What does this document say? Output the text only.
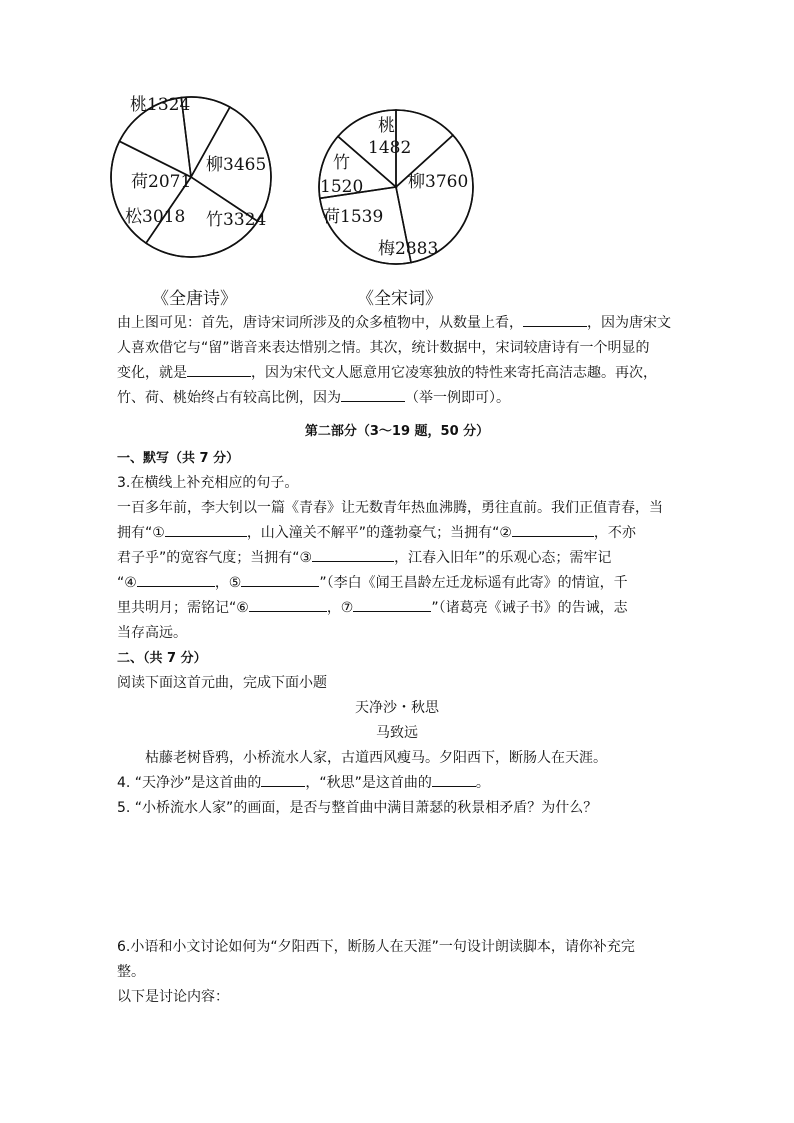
桃1324
柳3465
竹3324
松3018
荷2071
桃 1482
柳3760
梅2883
荷1539
竹 1520
《全唐诗》	《全宋词》
由上图可见：首先，唐诗宋词所涉及的众多植物中，从数量上看，	，因为唐宋文
人喜欢借它与“留”谐音来表达惜别之情。其次，统计数据中，宋词较唐诗有一个明显的
变化，就是	，因为宋代文人愿意用它凌寒独放的特性来寄托高洁志趣。再次，
竹、荷、桃始终占有较高比例，因为	（举一例即可）。
第二部分（3～19 题，50 分）
一、默写（共 7 分）
3.在横线上补充相应的句子。
一百多年前，李大钊以一篇《青春》让无数青年热血沸腾，勇往直前。我们正值青春，当
拥有“①	，山入潼关不解平”的蓬勃豪气；当拥有“②	，不亦
君子乎”的宽容气度；当拥有“③	，江春入旧年”的乐观心态；需牢记
“④	，⑤	”（李白《闻王昌龄左迁龙标遥有此寄》的情谊，千
里共明月；需铭记“⑥	，⑦	”（诸葛亮《诫子书》的告诫，志
当存高远。
二、（共 7 分）
阅读下面这首元曲，完成下面小题
天净沙・秋思
马致远
枯藤老树昏鸦，小桥流水人家，古道西风瘦马。夕阳西下，断肠人在天涯。
4. “天净沙”是这首曲的	，“秋思”是这首曲的	。
5. “小桥流水人家”的画面，是否与整首曲中满目萧瑟的秋景相矛盾？为什么？
6.小语和小文讨论如何为“夕阳西下，断肠人在天涯”一句设计朗读脚本，请你补充完
整。
以下是讨论内容：
